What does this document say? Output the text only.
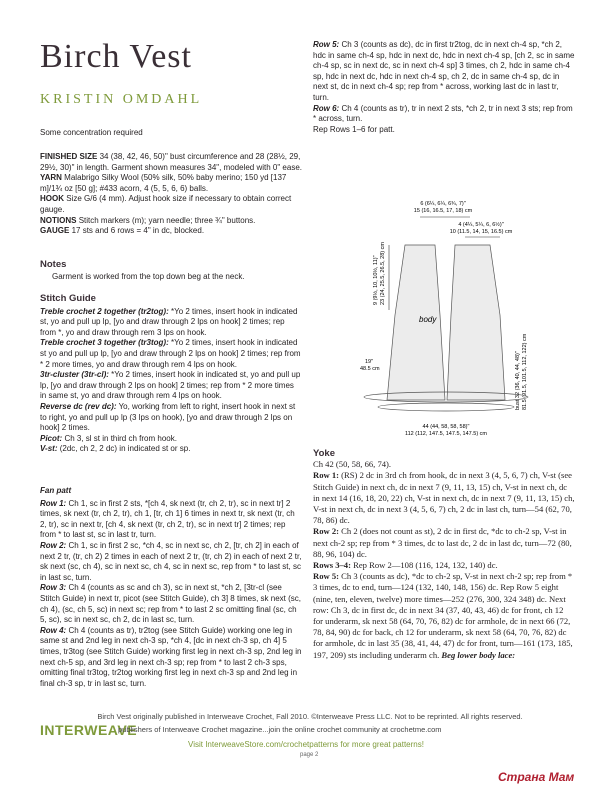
Birch Vest
KRISTIN OMDAHL
Some concentration required

FINISHED SIZE 34 (38, 42, 46, 50)" bust circumference and 28 (28½, 29, 29½, 30)" in length. Garment shown measures 34", modeled with 0" ease.

YARN Malabrigo Silky Wool (50% silk, 50% baby merino; 150 yd [137 m]/1¾ oz [50 g]; #433 acorn, 4 (5, 5, 6, 6) balls.

HOOK Size G/6 (4 mm). Adjust hook size if necessary to obtain correct gauge.

NOTIONS Stitch markers (m); yarn needle; three ¾" buttons.

GAUGE 17 sts and 6 rows = 4" in dc, blocked.

Notes
Garment is worked from the top down beg at the neck.
Stitch Guide

Treble crochet 2 together (tr2tog): *Yo 2 times, insert hook in indicated st, yo and pull up lp, [yo and draw through 2 lps on hook] 2 times; rep from *, yo and draw through rem 3 lps on hook.

Treble crochet 3 together (tr3tog): *Yo 2 times, insert hook in indicated st yo and pull up lp, [yo and draw through 2 lps on hook] 2 times; rep from * 2 more times, yo and draw through rem 4 lps on hook.

3tr-cluster (3tr-cl): *Yo 2 times, insert hook in indicated st, yo and pull up lp, [yo and draw through 2 lps on hook] 2 times; rep from * 2 more times in same st, yo and draw through rem 4 lps on hook.

Reverse dc (rev dc): Yo, working from left to right, insert hook in next st to right, yo and pull up lp (3 lps on hook), [yo and draw through 2 lps on hook] 2 times.

Picot: Ch 3, sl st in third ch from hook.

V-st: (2dc, ch 2, 2 dc) in indicated st or sp.

Fan patt

Row 1: Ch 1, sc in first 2 sts, *[ch 4, sk next (tr, ch 2, tr), sc in next tr] 2 times, sk next (tr, ch 2, tr), ch 1, [tr, ch 1] 6 times in next tr, sk next (tr, ch 2, tr), sc in next tr, [ch 4, sk next (tr, ch 2, tr), sc in next tr] 2 times; rep from * to last st, sc in last tr, turn.

Row 2: Ch 1, sc in first 2 sc, *ch 4, sc in next sc, ch 2, [tr, ch 2] in each of next 2 tr, (tr, ch 2) 2 times in each of next 2 tr, (tr, ch 2) in each of next 2 tr, sk next (sc, ch 4), sc in next sc, ch 4, sc in next sc, rep from * to last st, sc in last sc, turn.

Row 3: Ch 4 (counts as sc and ch 3), sc in next st, *ch 2, [3tr-cl (see Stitch Guide) in next tr, picot (see Stitch Guide), ch 3] 8 times, sk next (sc, ch 4), (sc, ch 5, sc) in next sc; rep from * to last 2 sc omitting final (sc, ch 5, sc), sc in next sc, ch 2, dc in last sc, turn.

Row 4: Ch 4 (counts as tr), tr2tog (see Stitch Guide) working one leg in same st and 2nd leg in next ch-3 sp, *ch 4, [dc in next ch-3 sp, ch 4] 5 times, tr3tog (see Stitch Guide) working first leg in next ch-3 sp, 2nd leg in next ch-5 sp, and 3rd leg in next ch-3 sp; rep from * to last 2 ch-3 sps, omitting final tr3tog, tr2tog working first leg in next ch-3 sp and 2nd leg in final ch-3 sp, tr in last sc, turn.

Row 5: Ch 3 (counts as dc), dc in first tr2tog, dc in next ch-4 sp, *ch 2, hdc in same ch-4 sp, hdc in next dc, hdc in next ch-4 sp, [ch 2, sc in same ch-4 sp, sc in next dc, sc in next ch-4 sp] 3 times, ch 2, hdc in same ch-4 sp, hdc in next dc, hdc in next ch-4 sp, ch 2, dc in same ch-4 sp, dc in next st, dc in next ch-4 sp; rep from * across, working last dc in last tr, turn.

Row 6: Ch 4 (counts as tr), tr in next 2 sts, *ch 2, tr in next 3 sts; rep from * across, turn.

Rep Rows 1–6 for patt.

6 (6¼, 6¼, 6¾, 7)"
15 (16, 16.5, 17, 18) cm
4 (4¼, 5¼, 6, 6½)"
10 (11.5, 14, 15, 16.5) cm
body
9 (9½, 10, 10½, 11)" 23 (24, 25.5, 26.5, 28) cm
19"
48.5 cm	bust 32 (36, 40, 44, 48)" 81.5 (91.5, 101.5, 112, 122) cm
44 (44, 58, 58, 58)"
112 (112, 147.5, 147.5, 147.5) cm
Yoke

Ch 42 (50, 58, 66, 74).

Row 1: (RS) 2 dc in 3rd ch from hook, dc in next 3 (4, 5, 6, 7) ch, V-st (see Stitch Guide) in next ch, dc in next 7 (9, 11, 13, 15) ch, V-st in next ch, dc in next 14 (16, 18, 20, 22) ch, V-st in next ch, dc in next 7 (9, 11, 13, 15) ch, V-st in next ch, dc in next 3 (4, 5, 6, 7) ch, 2 dc in last ch, turn—54 (62, 70, 78, 86) dc.

Row 2: Ch 2 (does not count as st), 2 dc in first dc, *dc to ch-2 sp, V-st in next ch-2 sp; rep from * 3 times, dc to last dc, 2 dc in last dc, turn—72 (80, 88, 96, 104) dc.

Rows 3–4: Rep Row 2—108 (116, 124, 132, 140) dc.

Row 5: Ch 3 (counts as dc), *dc to ch-2 sp, V-st in next ch-2 sp; rep from * 3 times, dc to end, turn—124 (132, 140, 148, 156) dc. Rep Row 5 eight (nine, ten, eleven, twelve) more times—252 (276, 300, 324 348) dc. Next row: Ch 3, dc in first dc, dc in next 34 (37, 40, 43, 46) dc for front, ch 12 for underarm, sk next 58 (64, 70, 76, 82) dc for armhole, dc in next 66 (72, 78, 84, 90) dc for back, ch 12 for underarm, sk next 58 (64, 70, 76, 82) dc for armhole, dc in last 35 (38, 41, 44, 47) dc for front, turn—161 (173, 185, 197, 209) sts including underarm ch. Beg lower body lace:

Birch Vest originally published in Interweave Crochet, Fall 2010. ©Interweave Press LLC. Not to be reprinted. All rights reserved.
INTERWEAVE
publishers of Interweave Crochet magazine...join the online crochet community at crochetme.com
Visit InterweaveStore.com/crochetpatterns for more great patterns!
page 2
Страна Мам
